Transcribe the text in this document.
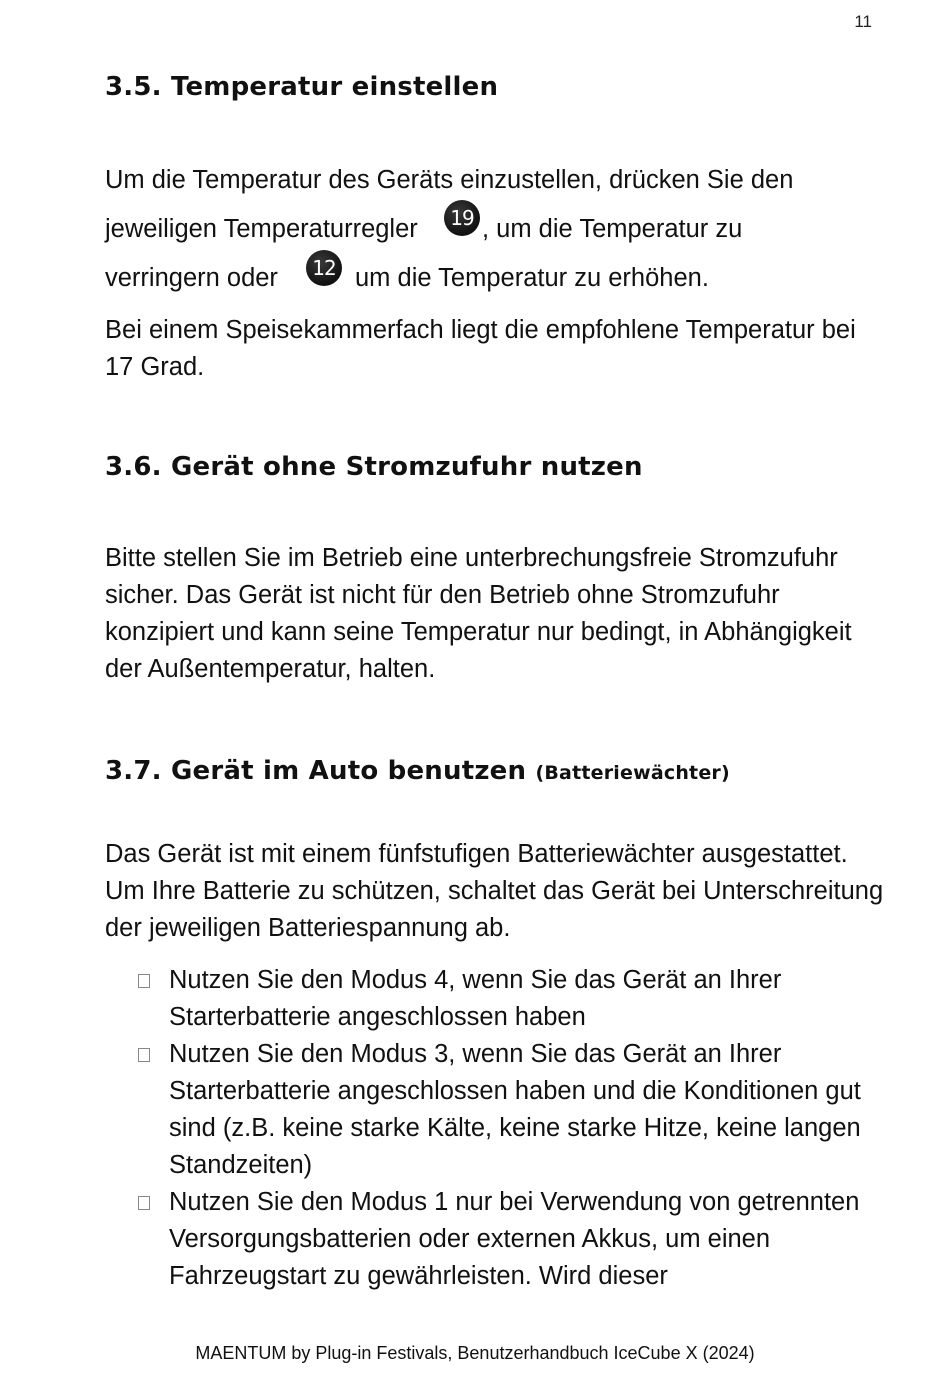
11
3.5. Temperatur einstellen

Um die Temperatur des Geräts einzustellen, drücken Sie den

jeweiligen Temperaturregler	19 , um die Temperatur zu

verringern oder	12 um die Temperatur zu erhöhen.

Bei einem Speisekammerfach liegt die empfohlene Temperatur bei 17 Grad.

3.6. Gerät ohne Stromzufuhr nutzen

Bitte stellen Sie im Betrieb eine unterbrechungsfreie Stromzufuhr sicher. Das Gerät ist nicht für den Betrieb ohne Stromzufuhr konzipiert und kann seine Temperatur nur bedingt, in Abhängigkeit der Außentemperatur, halten.

3.7. Gerät im Auto benutzen (Batteriewächter)

Das Gerät ist mit einem fünfstufigen Batteriewächter ausgestattet. Um Ihre Batterie zu schützen, schaltet das Gerät bei Unterschreitung der jeweiligen Batteriespannung ab.

Nutzen Sie den Modus 4, wenn Sie das Gerät an Ihrer Starterbatterie angeschlossen haben
Nutzen Sie den Modus 3, wenn Sie das Gerät an Ihrer Starterbatterie angeschlossen haben und die Konditionen gut sind (z.B. keine starke Kälte, keine starke Hitze, keine langen Standzeiten)
Nutzen Sie den Modus 1 nur bei Verwendung von getrennten Versorgungsbatterien oder externen Akkus, um einen Fahrzeugstart zu gewährleisten. Wird dieser
MAENTUM by Plug-in Festivals, Benutzerhandbuch IceCube X (2024)
